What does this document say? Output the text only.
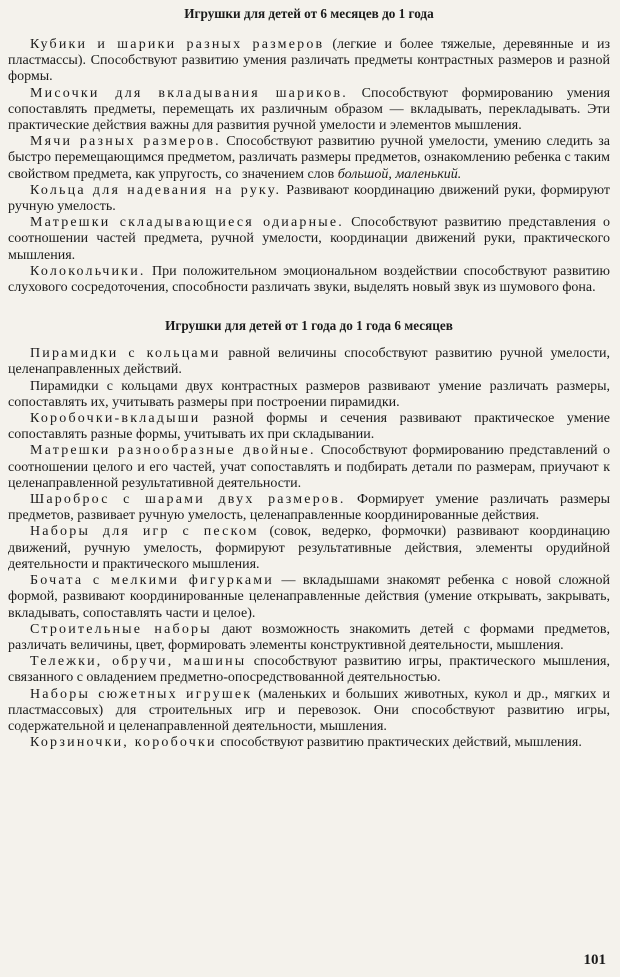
Игрушки для детей от 6 месяцев до 1 года

Кубики и шарики разных размеров (легкие и более тяжелые, деревянные и из пластмассы). Способствуют развитию умения различать предметы контрастных размеров и разной формы.

Мисочки для вкладывания шариков. Способствуют формированию умения сопоставлять предметы, перемещать их различным образом — вкладывать, перекладывать. Эти практические действия важны для развития ручной умелости и элементов мышления.

Мячи разных размеров. Способствуют развитию ручной умелости, умению следить за быстро перемещающимся предметом, различать размеры предметов, ознакомлению ребенка с таким свойством предмета, как упругость, со значением слов большой, маленький.

Кольца для надевания на руку. Развивают координацию движений руки, формируют ручную умелость.

Матрешки складывающиеся одиарные. Способствуют развитию представления о соотношении частей предмета, ручной умелости, координации движений руки, практического мышления.

Колокольчики. При положительном эмоциональном воздействии способствуют развитию слухового сосредоточения, способности различать звуки, выделять новый звук из шумового фона.

Игрушки для детей от 1 года до 1 года 6 месяцев

Пирамидки с кольцами равной величины способствуют развитию ручной умелости, целенаправленных действий.

Пирамидки с кольцами двух контрастных размеров развивают умение различать размеры, сопоставлять их, учитывать размеры при построении пирамидки.

Коробочки-вкладыши разной формы и сечения развивают практическое умение сопоставлять разные формы, учитывать их при складывании.

Матрешки разнообразные двойные. Способствуют формированию представлений о соотношении целого и его частей, учат сопоставлять и подбирать детали по размерам, приучают к целенаправленной результативной деятельности.

Шароброс с шарами двух размеров. Формирует умение различать размеры предметов, развивает ручную умелость, целенаправленные координированные действия.

Наборы для игр с песком (совок, ведерко, формочки) развивают координацию движений, ручную умелость, формируют результативные действия, элементы орудийной деятельности и практического мышления.

Бочата с мелкими фигурками — вкладышами знакомят ребенка с новой сложной формой, развивают координированные целенаправленные действия (умение открывать, закрывать, вкладывать, сопоставлять части и целое).

Строительные наборы дают возможность знакомить детей с формами предметов, различать величины, цвет, формировать элементы конструктивной деятельности, мышления.

Тележки, обручи, машины способствуют развитию игры, практического мышления, связанного с овладением предметно-опосредствованной деятельностью.

Наборы сюжетных игрушек (маленьких и больших животных, кукол и др., мягких и пластмассовых) для строительных игр и перевозок. Они способствуют развитию игры, содержательной и целенаправленной деятельности, мышления.

Корзиночки, коробочки способствуют развитию практических действий, мышления.

101
